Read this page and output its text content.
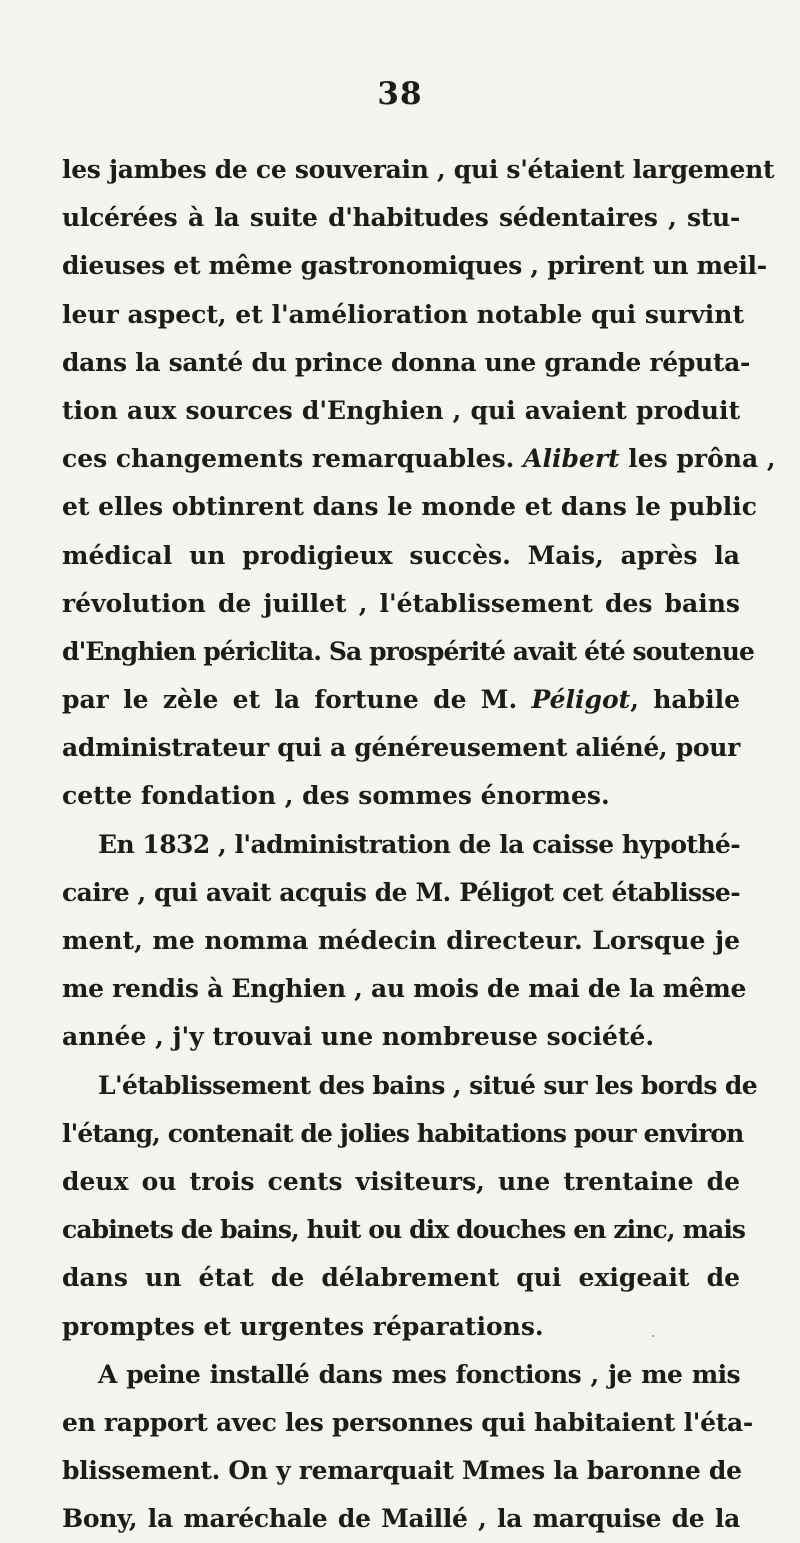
38
les jambes de ce souverain , qui s'étaient largement
ulcérées à la suite d'habitudes sédentaires , stu-
dieuses et même gastronomiques , prirent un meil-
leur aspect, et l'amélioration notable qui survint
dans la santé du prince donna une grande réputa-
tion aux sources d'Enghien , qui avaient produit
ces changements remarquables. Alibert les prôna ,
et elles obtinrent dans le monde et dans le public
médical un prodigieux succès. Mais, après la
révolution de juillet , l'établissement des bains
d'Enghien périclita. Sa prospérité avait été soutenue
par le zèle et la fortune de M. Péligot, habile
administrateur qui a généreusement aliéné, pour
cette fondation , des sommes énormes.
En 1832 , l'administration de la caisse hypothé-
caire , qui avait acquis de M. Péligot cet établisse-
ment, me nomma médecin directeur. Lorsque je
me rendis à Enghien , au mois de mai de la même
année , j'y trouvai une nombreuse société.
L'établissement des bains , situé sur les bords de
l'étang, contenait de jolies habitations pour environ
deux ou trois cents visiteurs, une trentaine de
cabinets de bains, huit ou dix douches en zinc, mais
dans un état de délabrement qui exigeait de
promptes et urgentes réparations.
A peine installé dans mes fonctions , je me mis
en rapport avec les personnes qui habitaient l'éta-
blissement. On y remarquait Mmes la baronne de
Bony, la maréchale de Maillé , la marquise de la
